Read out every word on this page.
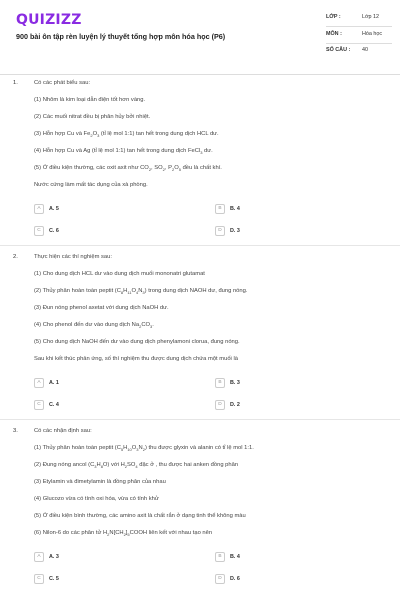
QUIZIZZ
900 bài ôn tập rèn luyện lý thuyết tổng hợp môn hóa học (P6)
LỚP :	Lớp 12
MÔN :	Hóa học
SỐ CÂU : 40
1.	Có các phát biểu sau:
(1) Nhôm là kim loại dẫn điện tốt hơn vàng.
(2) Các muối nitrat đều bị phân hủy bởi nhiệt.
(3) Hỗn hợp Cu và $Fe_2O_3$ (tỉ lệ mol 1:1) tan hết trong dung dịch HCL dư.
(4) Hỗn hợp Cu và Ag (tỉ lệ mol 1:1) tan hết trong dung dịch FeCl$_3$ dư.
(5) Ở điều kiện thường, các oxit axit như $CO_2$, $SO_2$, $P_2O_5$ đều là chất khí.
Nước cứng làm mất tác dụng của xà phòng.
A	A. 5	B	B. 4
C	C. 6	D	D. 3
2.	Thực hiện các thí nghiệm sau:
(1) Cho dung dịch HCL dư vào dung dịch muối mononatri glutamat
(2) Thủy phân hoàn toàn peptit $(C_8H_{11}O_4N_3)$ trong dung dịch NAOH dư, đung nóng.
(3) Đun nóng phenol axetat với dung dịch NaOH dư.
(4) Cho phenol đến dư vào dung dịch $Na_2CO_3$.
(5) Cho dung dịch NaOH đến dư vào dung dịch phenylamoni clorua, đung nóng.
Sau khi kết thúc phản ứng, số thí nghiệm thu được dung dịch chứa một muối là
A	A. 1	B	B. 3
C	C. 4	D	D. 2
3.	Có các nhận định sau:
(1) Thủy phân hoàn toàn peptit $(C_5H_{10}O_3N_2)$ thu được glyxin và alanin có tỉ lệ mol 1:1.
(2) Đung nóng ancol $(C_3H_8O)$ với $H_2SO_4$ đặc ở , thu được hai anken đồng phân
(3) Etylamin và đimetylamin là đồng phân của nhau
(4) Glucozo vừa có tính oxi hóa, vừa có tính khử
(5) Ở điều kiện bình thường, các amino axit là chất rắn ở dạng tinh thể không màu
(6) Nilon-6 do các phân tử $H_2N[CH_2]_5COOH$ liên kết với nhau tạo nên
A	A. 3	B	B. 4
C	C. 5	D	D. 6
